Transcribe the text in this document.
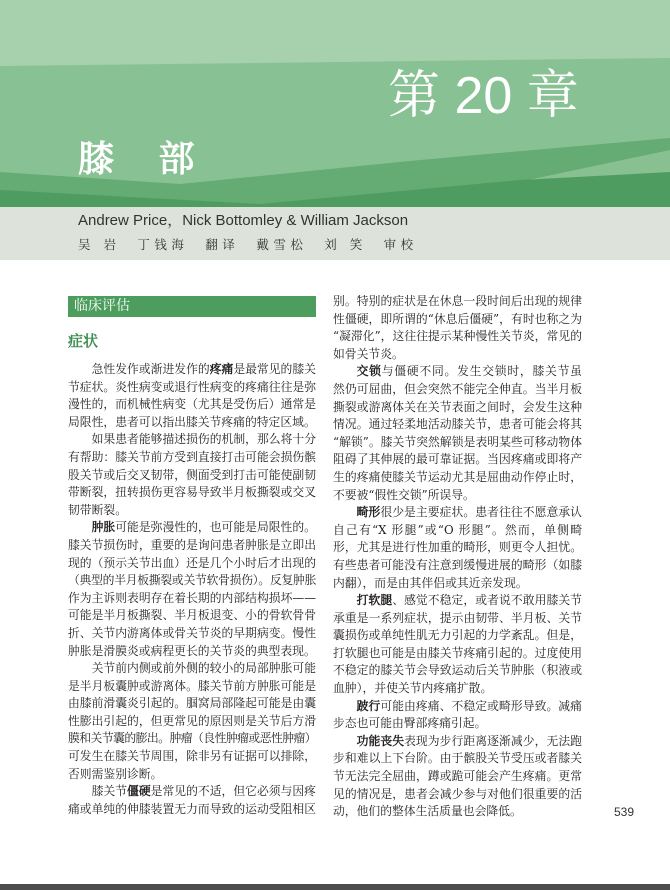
第 20 章
膝 部
Andrew Price，Nick Bottomley & William Jackson
吴 岩  丁钱海  翻译  戴雪松  刘 笑  审校
临床评估
症状
急性发作或渐进发作的疼痛是最常见的膝关
节症状。炎性病变或退行性病变的疼痛往往是弥
漫性的，而机械性病变（尤其是受伤后）通常是
局限性，患者可以指出膝关节疼痛的特定区域。
如果患者能够描述损伤的机制，那么将十分
有帮助：膝关节前方受到直接打击可能会损伤髌
股关节或后交叉韧带，侧面受到打击可能使副韧
带断裂，扭转损伤更容易导致半月板撕裂或交叉
韧带断裂。
肿胀可能是弥漫性的，也可能是局限性的。
膝关节损伤时，重要的是询问患者肿胀是立即出
现的（预示关节出血）还是几个小时后才出现的
（典型的半月板撕裂或关节软骨损伤）。反复肿胀
作为主诉则表明存在着长期的内部结构损坏——
可能是半月板撕裂、半月板退变、小的骨软骨骨
折、关节内游离体或骨关节炎的早期病变。慢性
肿胀是滑膜炎或病程更长的关节炎的典型表现。
关节前内侧或前外侧的较小的局部肿胀可能
是半月板囊肿或游离体。膝关节前方肿胀可能是
由膝前滑囊炎引起的。腘窝局部隆起可能是由囊
性膨出引起的，但更常见的原因则是关节后方滑
膜和关节囊的膨出。肿瘤（良性肿瘤或恶性肿瘤）
可发生在膝关节周围，除非另有证据可以排除，
否则需鉴别诊断。
膝关节僵硬是常见的不适，但它必须与因疼
痛或单纯的伸膝装置无力而导致的运动受阻相区
别。特别的症状是在休息一段时间后出现的规律
性僵硬，即所谓的“休息后僵硬”，有时也称之为
“凝滞化”，这往往提示某种慢性关节炎，常见的
如骨关节炎。
交锁与僵硬不同。发生交锁时，膝关节虽
然仍可屈曲，但会突然不能完全伸直。当半月板
撕裂或游离体关在关节表面之间时，会发生这种
情况。通过轻柔地活动膝关节，患者可能会将其
“解锁”。膝关节突然解锁是表明某些可移动物体
阻碍了其伸展的最可靠证据。当因疼痛或即将产
生的疼痛使膝关节运动尤其是屈曲动作停止时，
不要被“假性交锁”所误导。
畸形很少是主要症状。患者往往不愿意承认
自己有“X 形腿”或“O 形腿”。然而，单侧畸
形，尤其是进行性加重的畸形，则更令人担忧。
有些患者可能没有注意到缓慢进展的畸形（如膝
内翻），而是由其伴侣或其近亲发现。
打软腿、感觉不稳定，或者说不敢用膝关节
承重是一系列症状，提示由韧带、半月板、关节
囊损伤或单纯性肌无力引起的力学紊乱。但是，
打软腿也可能是由膝关节疼痛引起的。过度使用
不稳定的膝关节会导致运动后关节肿胀（积液或
血肿），并使关节内疼痛扩散。
跛行可能由疼痛、不稳定或畸形导致。减痛
步态也可能由臀部疼痛引起。
功能丧失表现为步行距离逐渐减少，无法跑
步和难以上下台阶。由于髌股关节受压或者膝关
节无法完全屈曲，蹲或跪可能会产生疼痛。更常
见的情况是，患者会减少参与对他们很重要的活
动，他们的整体生活质量也会降低。	539
